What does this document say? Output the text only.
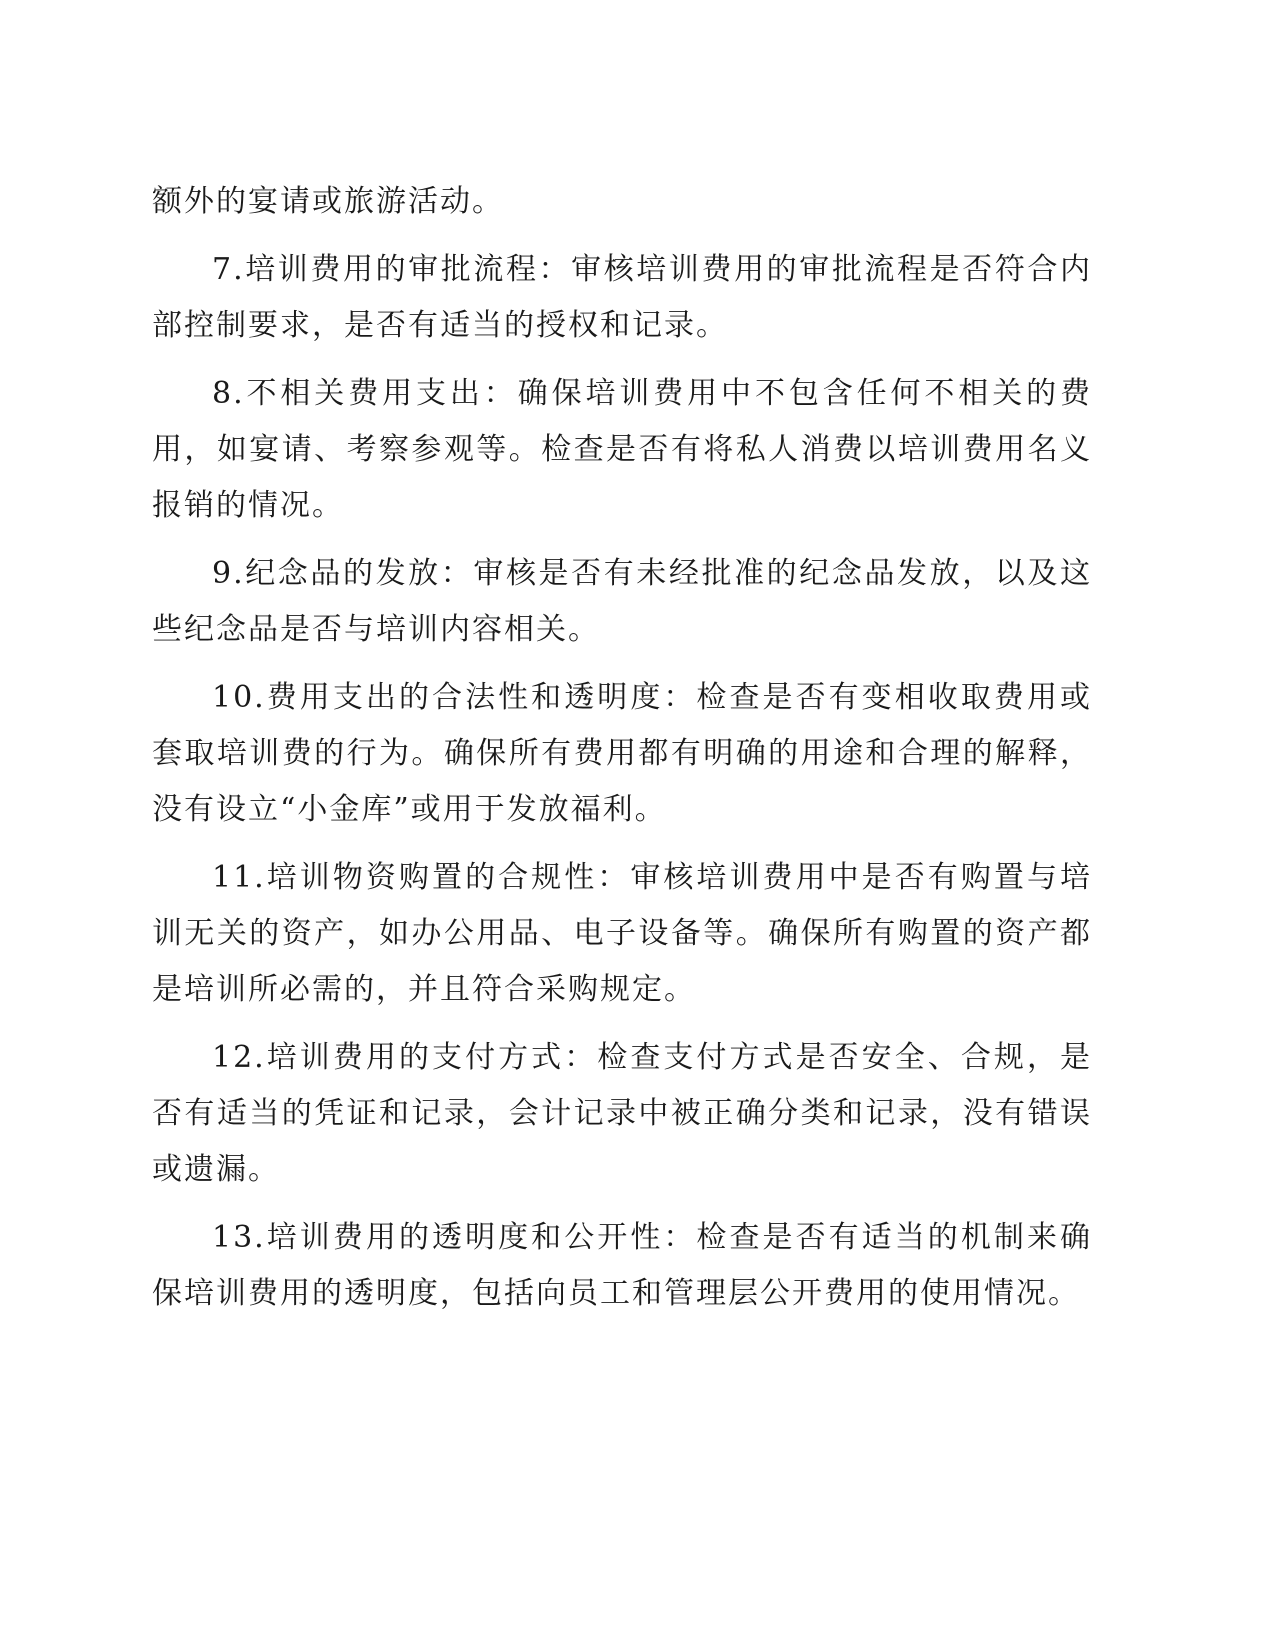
额外的宴请或旅游活动。

7.培训费用的审批流程：审核培训费用的审批流程是否符合内部控制要求，是否有适当的授权和记录。

8.不相关费用支出：确保培训费用中不包含任何不相关的费用，如宴请、考察参观等。检查是否有将私人消费以培训费用名义报销的情况。

9.纪念品的发放：审核是否有未经批准的纪念品发放，以及这些纪念品是否与培训内容相关。

10.费用支出的合法性和透明度：检查是否有变相收取费用或套取培训费的行为。确保所有费用都有明确的用途和合理的解释，没有设立“小金库”或用于发放福利。

11.培训物资购置的合规性：审核培训费用中是否有购置与培训无关的资产，如办公用品、电子设备等。确保所有购置的资产都是培训所必需的，并且符合采购规定。

12.培训费用的支付方式：检查支付方式是否安全、合规，是否有适当的凭证和记录，会计记录中被正确分类和记录，没有错误或遗漏。

13.培训费用的透明度和公开性：检查是否有适当的机制来确保培训费用的透明度，包括向员工和管理层公开费用的使用情况。
